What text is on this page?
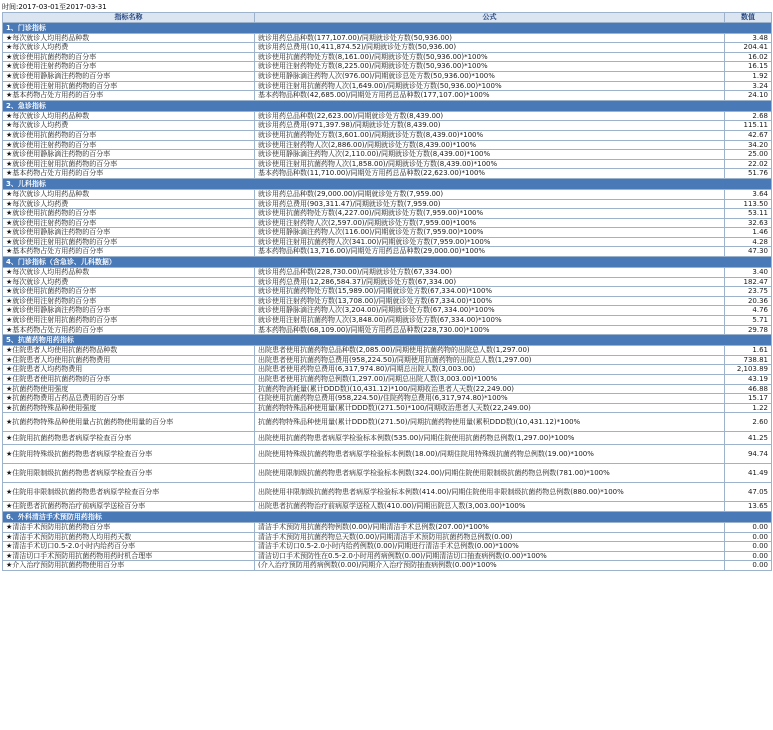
时间:2017-03-01至2017-03-31
指标名称	公式	数值
1、门诊指标		
★每次就诊人均用药品种数	就诊用药总品种数(177,107.00)/同期就诊处方数(50,936.00)	3.48
★每次就诊人均药费	就诊用药总费用(10,411,874.52)/同期就诊处方数(50,936.00)	204.41
★就诊使用抗菌药物的百分率	就诊使用抗菌药物处方数(8,161.00)/同期就诊处方数(50,936.00)*100%	16.02
★就诊使用注射药物的百分率	就诊使用注射药物处方数(8,225.00)/同期就诊处方数(50,936.00)*100%	16.15
★就诊使用静脉滴注药物的百分率	就诊使用静脉滴注药物人次(976.00)/同期就诊总处方数(50,936.00)*100%	1.92
★就诊使用注射用抗菌药物的百分率	就诊使用注射用抗菌药物人次(1,649.00)/同期就诊处方数(50,936.00)*100%	3.24
★基本药物占处方用药的百分率	基本药物品种数(42,685.00)/同期处方用药总品种数(177,107.00)*100%	24.10
2、急诊指标		
★每次就诊人均用药品种数	就诊用药总品种数(22,623.00)/同期就诊处方数(8,439.00)	2.68
★每次就诊人均药费	就诊用药总费用(971,397.98)/同期就诊处方数(8,439.00)	115.11
★就诊使用抗菌药物的百分率	就诊使用抗菌药物处方数(3,601.00)/同期就诊处方数(8,439.00)*100%	42.67
★就诊使用注射药物的百分率	就诊使用注射药物人次(2,886.00)/同期就诊处方数(8,439.00)*100%	34.20
★就诊使用静脉滴注药物的百分率	就诊使用静脉滴注药物人次(2,110.00)/同期就诊处方数(8,439.00)*100%	25.00
★就诊使用注射用抗菌药物的百分率	就诊使用注射用抗菌药物人次(1,858.00)/同期就诊处方数(8,439.00)*100%	22.02
★基本药物占处方用药的百分率	基本药物品种数(11,710.00)/同期处方用药总品种数(22,623.00)*100%	51.76
3、儿科指标		
★每次就诊人均用药品种数	就诊用药总品种数(29,000.00)/同期就诊处方数(7,959.00)	3.64
★每次就诊人均药费	就诊用药总费用(903,311.47)/同期就诊处方数(7,959.00)	113.50
★就诊使用抗菌药物的百分率	就诊使用抗菌药物处方数(4,227.00)/同期就诊处方数(7,959.00)*100%	53.11
★就诊使用注射药物的百分率	就诊使用注射药物人次(2,597.00)/同期就诊处方数(7,959.00)*100%	32.63
★就诊使用静脉滴注药物的百分率	就诊使用静脉滴注药物人次(116.00)/同期就诊处方数(7,959.00)*100%	1.46
★就诊使用注射用抗菌药物的百分率	就诊使用注射用抗菌药物人次(341.00)/同期就诊处方数(7,959.00)*100%	4.28
★基本药物占处方用药的百分率	基本药物品种数(13,716.00)/同期处方用药总品种数(29,000.00)*100%	47.30
4、门诊指标（含急诊、儿科数据）		
★每次就诊人均用药品种数	就诊用药总品种数(228,730.00)/同期就诊处方数(67,334.00)	3.40
★每次就诊人均药费	就诊用药总费用(12,286,584.37)/同期就诊处方数(67,334.00)	182.47
★就诊使用抗菌药物的百分率	就诊使用抗菌药物处方数(15,989.00)/同期就诊处方数(67,334.00)*100%	23.75
★就诊使用注射药物的百分率	就诊使用注射药物处方数(13,708.00)/同期就诊处方数(67,334.00)*100%	20.36
★就诊使用静脉滴注药物的百分率	就诊使用静脉滴注药物人次(3,204.00)/同期就诊处方数(67,334.00)*100%	4.76
★就诊使用注射用抗菌药物的百分率	就诊使用注射用抗菌药物人次(3,848.00)/同期就诊处方数(67,334.00)*100%	5.71
★基本药物占处方用药的百分率	基本药物品种数(68,109.00)/同期处方用药总品种数(228,730.00)*100%	29.78
5、抗菌药物用药指标		
★住院患者人均使用抗菌药物品种数	出院患者使用抗菌药物总品种数(2,085.00)/同期使用抗菌药物的出院总人数(1,297.00)	1.61
★住院患者人均使用抗菌药物费用	出院患者使用抗菌药物总费用(958,224.50)/同期使用抗菌药物的出院总人数(1,297.00)	738.81
★住院患者人均药物费用	出院患者使用药物总费用(6,317,974.80)/同期总出院人数(3,003.00)	2,103.89
★住院患者使用抗菌药物的百分率	出院患者使用抗菌药物总例数(1,297.00)/同期总出院人数(3,003.00)*100%	43.19
★抗菌药物使用强度	抗菌药物消耗量(累计DDD数)(10,431.12)*100/同期收治患者人天数(22,249.00)	46.88
★抗菌药物费用占药品总费用的百分率	住院使用抗菌药物总费用(958,224.50)/住院药物总费用(6,317,974.80)*100%	15.17
★抗菌药物特殊品种使用强度	抗菌药物特殊品种使用量(累计DDD数)(271.50)*100/同期收治患者人天数(22,249.00)	1.22
★抗菌药物特殊品种使用量占抗菌药物使用量的百分率	抗菌药物特殊品种使用量(累计DDD数)(271.50)/同期抗菌药物使用量(累积DDD数)(10,431.12)*100%	2.60
★住院用抗菌药物患者病原学检查百分率	出院使用抗菌药物患者病原学检验标本例数(535.00)/同期住院使用抗菌药物总例数(1,297.00)*100%	41.25
★住院用特殊级抗菌药物患者病原学检查百分率	出院使用特殊级抗菌药物患者病原学检验标本例数(18.00)/同期住院用特殊级抗菌药物总例数(19.00)*100%	94.74
★住院用限制级抗菌药物患者病原学检查百分率	出院使用限制级抗菌药物患者病原学检验标本例数(324.00)/同期住院使用限制级抗菌药物总例数(781.00)*100%	41.49
★住院用非限制级抗菌药物患者病原学检查百分率	出院使用非限制级抗菌药物患者病原学检验标本例数(414.00)/同期住院使用非限制级抗菌药物总例数(880.00)*100%	47.05
★住院患者抗菌药物治疗前病原学送检百分率	出院患者抗菌药物治疗前病原学送检人数(410.00)/同期出院总人数(3,003.00)*100%	13.65
6、外科清洁手术预防用药指标		
★清洁手术预防用抗菌药物百分率	清洁手术预防用抗菌药物例数(0.00)/同期清洁手术总例数(207.00)*100%	0.00
★清洁手术预防用抗菌药物人均用药天数	清洁手术预防用抗菌药物总天数(0.00)/同期清洁手术预防用抗菌药物总例数(0.00)	0.00
★清洁手术切口0.5-2.0小时内给药百分率	清洁手术切口0.5-2.0小时内给药例数(0.00)/同期进行清洁手术总例数(0.00)*100%	0.00
★清洁切口手术预防用抗菌药物用药时机合理率	清洁切口手术预防性在0.5-2.0小时用药病例数(0.00)/同期清洁切口抽查病例数(0.00)*100%	0.00
★介入治疗预防用抗菌药物使用百分率	(介入治疗预防用药病例数(0.00)/同期介入治疗预防抽查病例数(0.00)*100%	0.00
